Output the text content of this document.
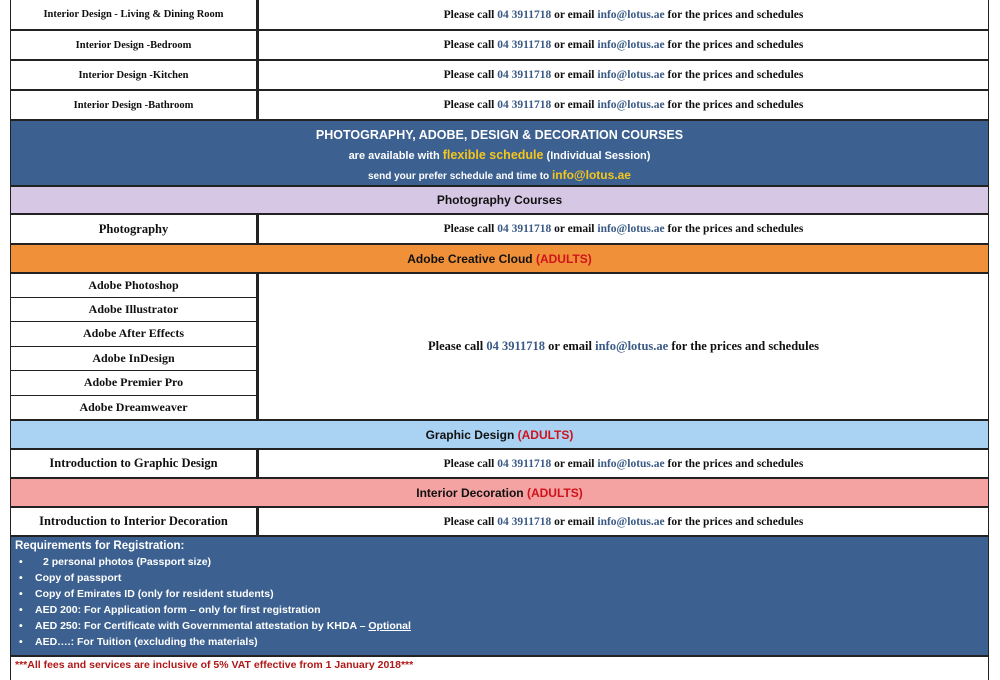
Interior Design - Living & Dining Room	Please call
04 3911718
or email
info@lotus.ae
for the prices and schedules
Interior Design -Bedroom	Please call
04 3911718
or email
info@lotus.ae
for the prices and schedules
Interior Design -Kitchen	Please call
04 3911718
or email
info@lotus.ae
for the prices and schedules
Interior Design -Bathroom	Please call
04 3911718
or email
info@lotus.ae
for the prices and schedules
PHOTOGRAPHY, ADOBE, DESIGN & DECORATION COURSES
are available with flexible schedule (Individual Session)
send your prefer schedule and time to info@lotus.ae
Photography Courses
Photography	Please call
04 3911718
or email
info@lotus.ae
for the prices and schedules
Adobe Creative Cloud
(ADULTS)
Adobe Photoshop
Adobe Illustrator
Adobe After Effects
Adobe InDesign
Adobe Premier Pro
Adobe Dreamweaver
Please call
04 3911718
or email
info@lotus.ae
for the prices and schedules
Graphic Design
(ADULTS)
Introduction to Graphic Design	Please call
04 3911718
or email
info@lotus.ae
for the prices and schedules
Interior Decoration
(ADULTS)
Introduction to Interior Decoration	Please call
04 3911718
or email
info@lotus.ae
for the prices and schedules
Requirements for Registration:
• 2 personal photos (Passport size)
• Copy of passport
• Copy of Emirates ID (only for resident students)
• AED 200: For Application form – only for first registration
• AED 250: For Certificate with Governmental attestation by KHDA – Optional
• AED….: For Tuition (excluding the materials)
***All fees and services are inclusive of 5% VAT effective from 1 January 2018***
